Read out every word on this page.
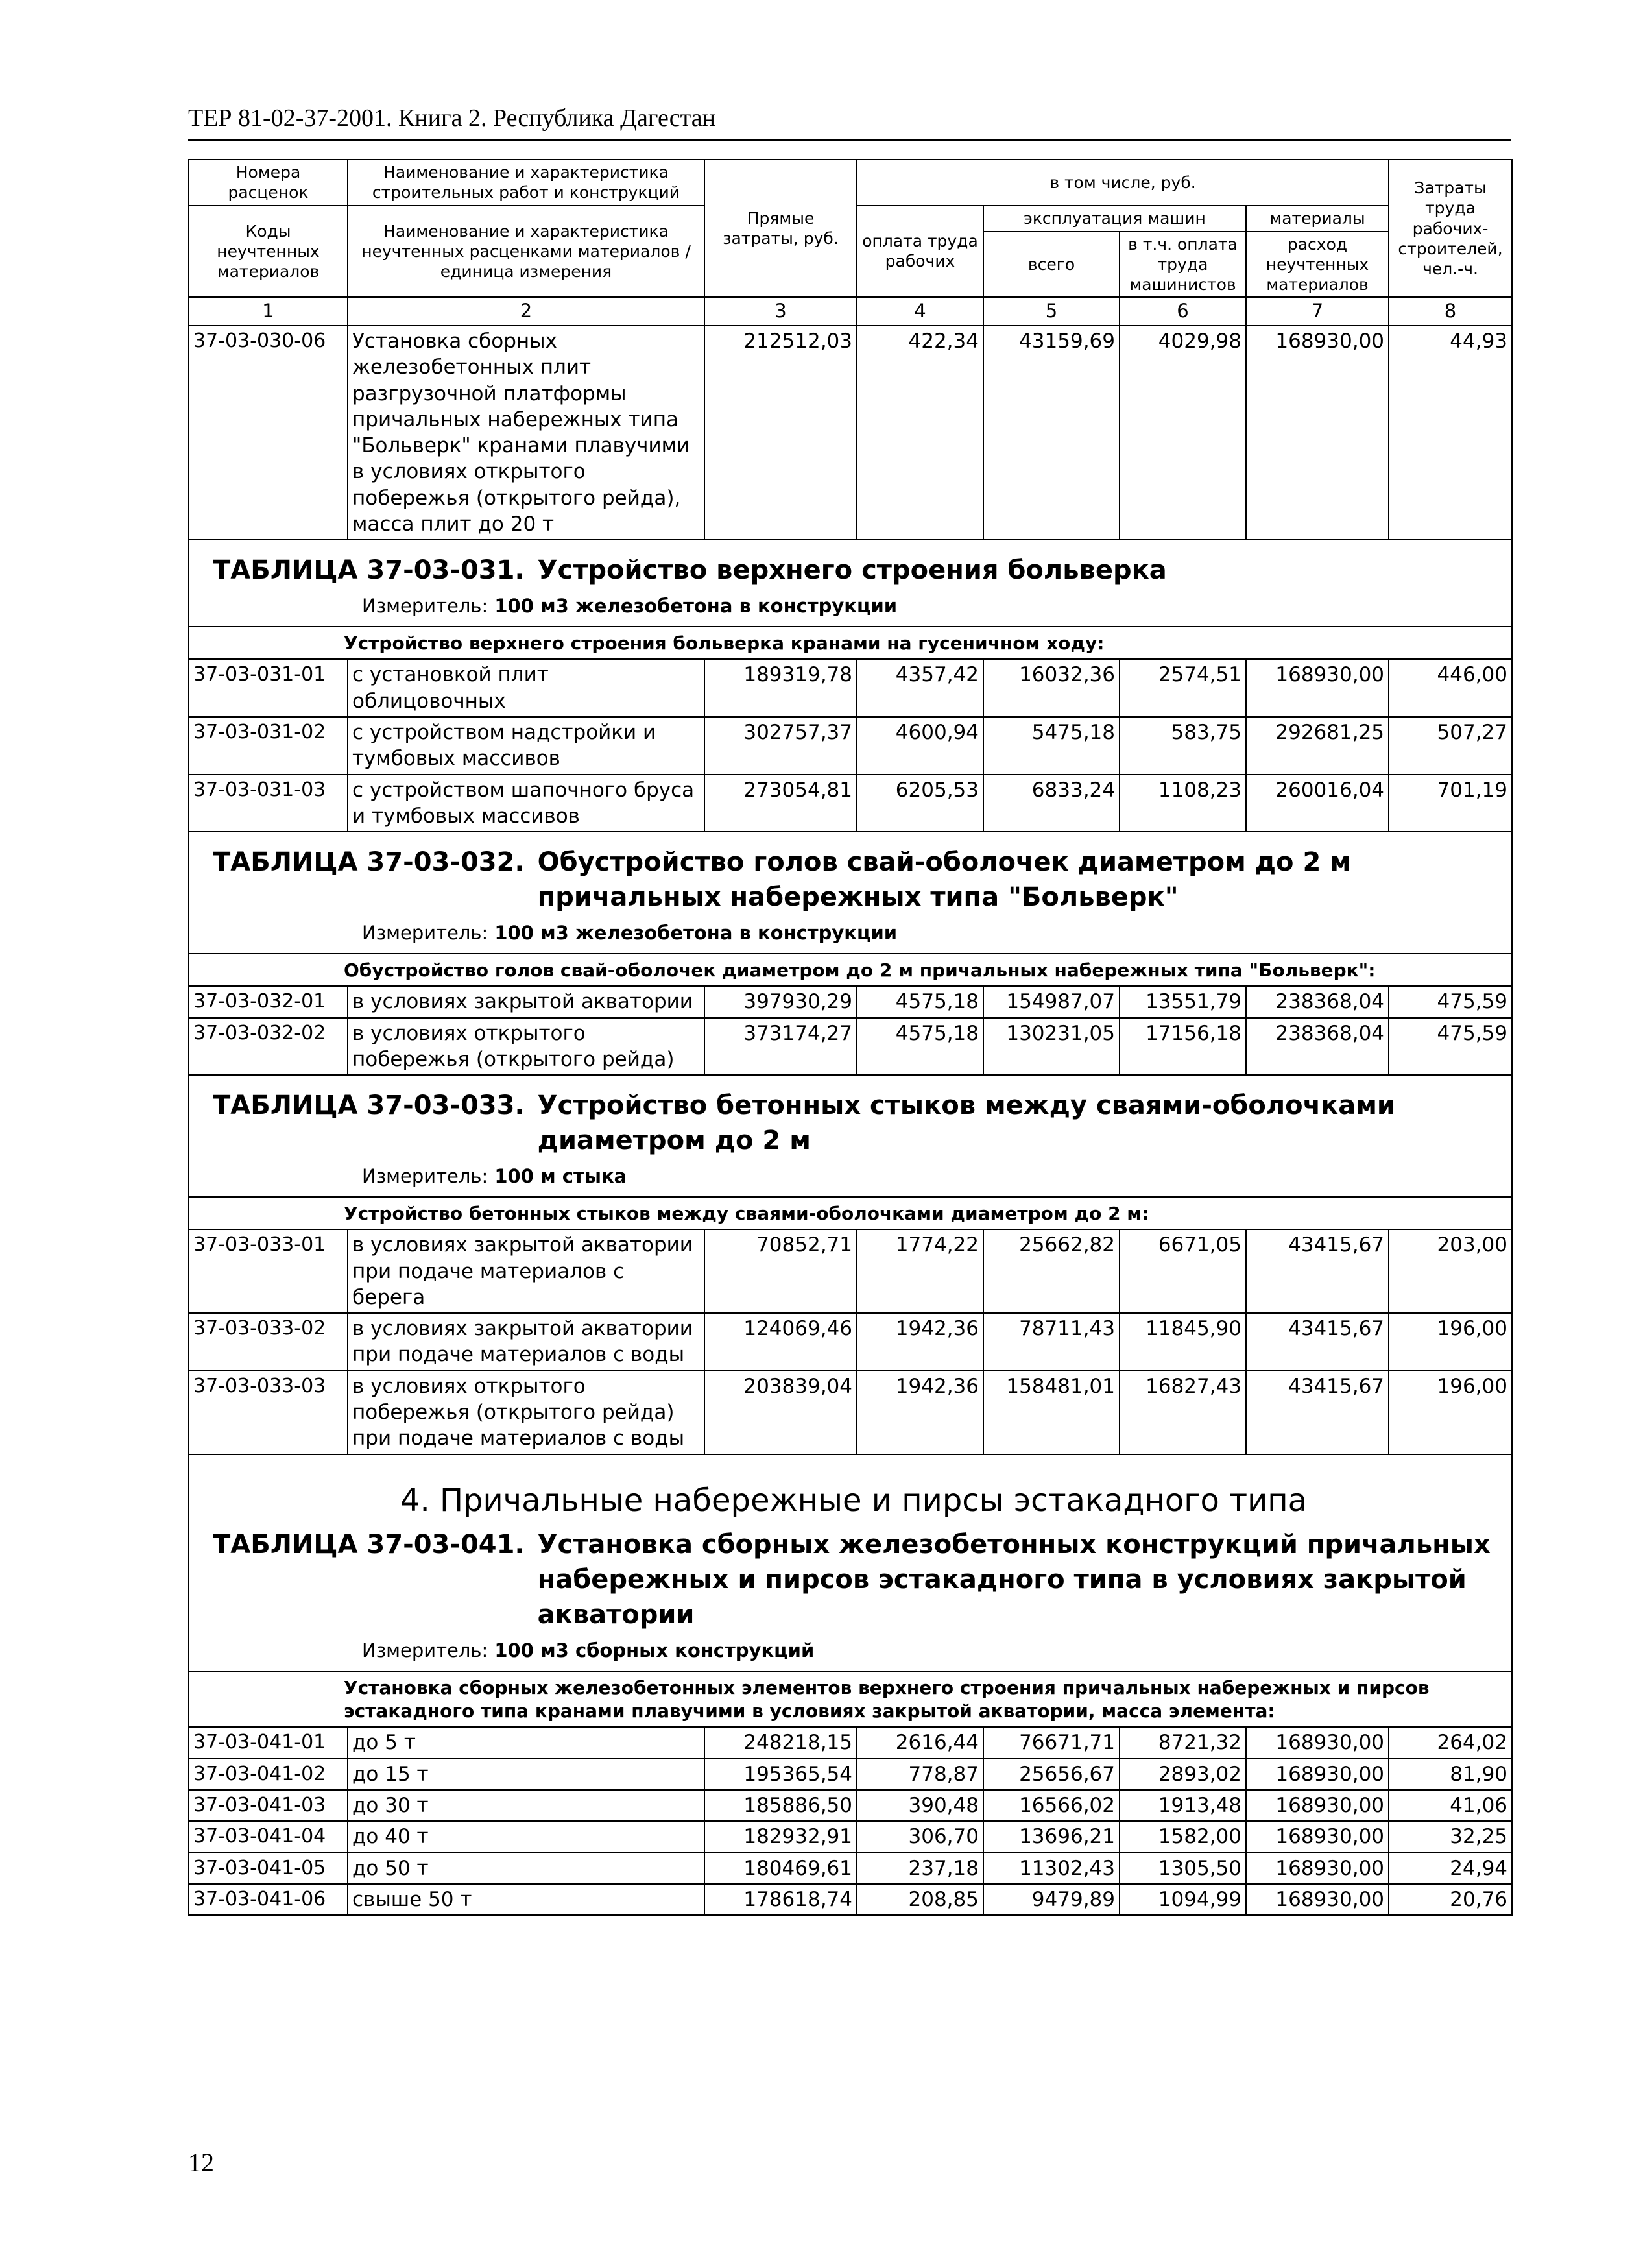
ТЕР 81-02-37-2001. Книга 2. Республика Дагестан
Номера расценок	Наименование и характеристика строительных работ и конструкций	Прямые затраты, руб.	в том числе, руб.				Затраты труда рабочих-строителей, чел.-ч.
Коды неучтенных материалов	Наименование и характеристика неучтенных расценками материалов / единица измерения		оплата труда рабочих	эксплуатация машин		материалы	
				всего	в т.ч. оплата труда машинистов	расход неучтенных материалов	
1	2	3	4	5	6	7	8
37-03-030-06	Установка сборных железобетонных плит разгрузочной платформы причальных набережных типа "Больверк" кранами плавучими в условиях открытого побережья (открытого рейда), масса плит до 20 т	212512,03	422,34	43159,69	4029,98	168930,00	44,93

ТАБЛИЦА 37-03-031. Устройство верхнего строения больверка
Измеритель: 100 м3 железобетона в конструкции							

Устройство верхнего строения больверка кранами на гусеничном ходу:							

37-03-031-01	с установкой плит облицовочных	189319,78	4357,42	16032,36	2574,51	168930,00	446,00
37-03-031-02	с устройством надстройки и тумбовых массивов	302757,37	4600,94	5475,18	583,75	292681,25	507,27
37-03-031-03	с устройством шапочного бруса и тумбовых массивов	273054,81	6205,53	6833,24	1108,23	260016,04	701,19

ТАБЛИЦА 37-03-032. Обустройство голов свай-оболочек диаметром до 2 м причальных набережных типа "Больверк"
Измеритель: 100 м3 железобетона в конструкции							

Обустройство голов свай-оболочек диаметром до 2 м причальных набережных типа "Больверк":							

37-03-032-01	в условиях закрытой акватории	397930,29	4575,18	154987,07	13551,79	238368,04	475,59
37-03-032-02	в условиях открытого побережья (открытого рейда)	373174,27	4575,18	130231,05	17156,18	238368,04	475,59

ТАБЛИЦА 37-03-033. Устройство бетонных стыков между сваями-оболочками диаметром до 2 м
Измеритель: 100 м стыка							

Устройство бетонных стыков между сваями-оболочками диаметром до 2 м:							

37-03-033-01	в условиях закрытой акватории при подаче материалов с берега	70852,71	1774,22	25662,82	6671,05	43415,67	203,00
37-03-033-02	в условиях закрытой акватории при подаче материалов с воды	124069,46	1942,36	78711,43	11845,90	43415,67	196,00
37-03-033-03	в условиях открытого побережья (открытого рейда) при подаче материалов с воды	203839,04	1942,36	158481,01	16827,43	43415,67	196,00

4. Причальные набережные и пирсы эстакадного типа
ТАБЛИЦА 37-03-041. Установка сборных железобетонных конструкций причальных набережных и пирсов эстакадного типа в условиях закрытой акватории
Измеритель: 100 м3 сборных конструкций							

Установка сборных железобетонных элементов верхнего строения причальных набережных и пирсов эстакадного типа кранами плавучими в условиях закрытой акватории, масса элемента:							

37-03-041-01	до 5 т	248218,15	2616,44	76671,71	8721,32	168930,00	264,02
37-03-041-02	до 15 т	195365,54	778,87	25656,67	2893,02	168930,00	81,90
37-03-041-03	до 30 т	185886,50	390,48	16566,02	1913,48	168930,00	41,06
37-03-041-04	до 40 т	182932,91	306,70	13696,21	1582,00	168930,00	32,25
37-03-041-05	до 50 т	180469,61	237,18	11302,43	1305,50	168930,00	24,94
37-03-041-06	свыше 50 т	178618,74	208,85	9479,89	1094,99	168930,00	20,76
12
